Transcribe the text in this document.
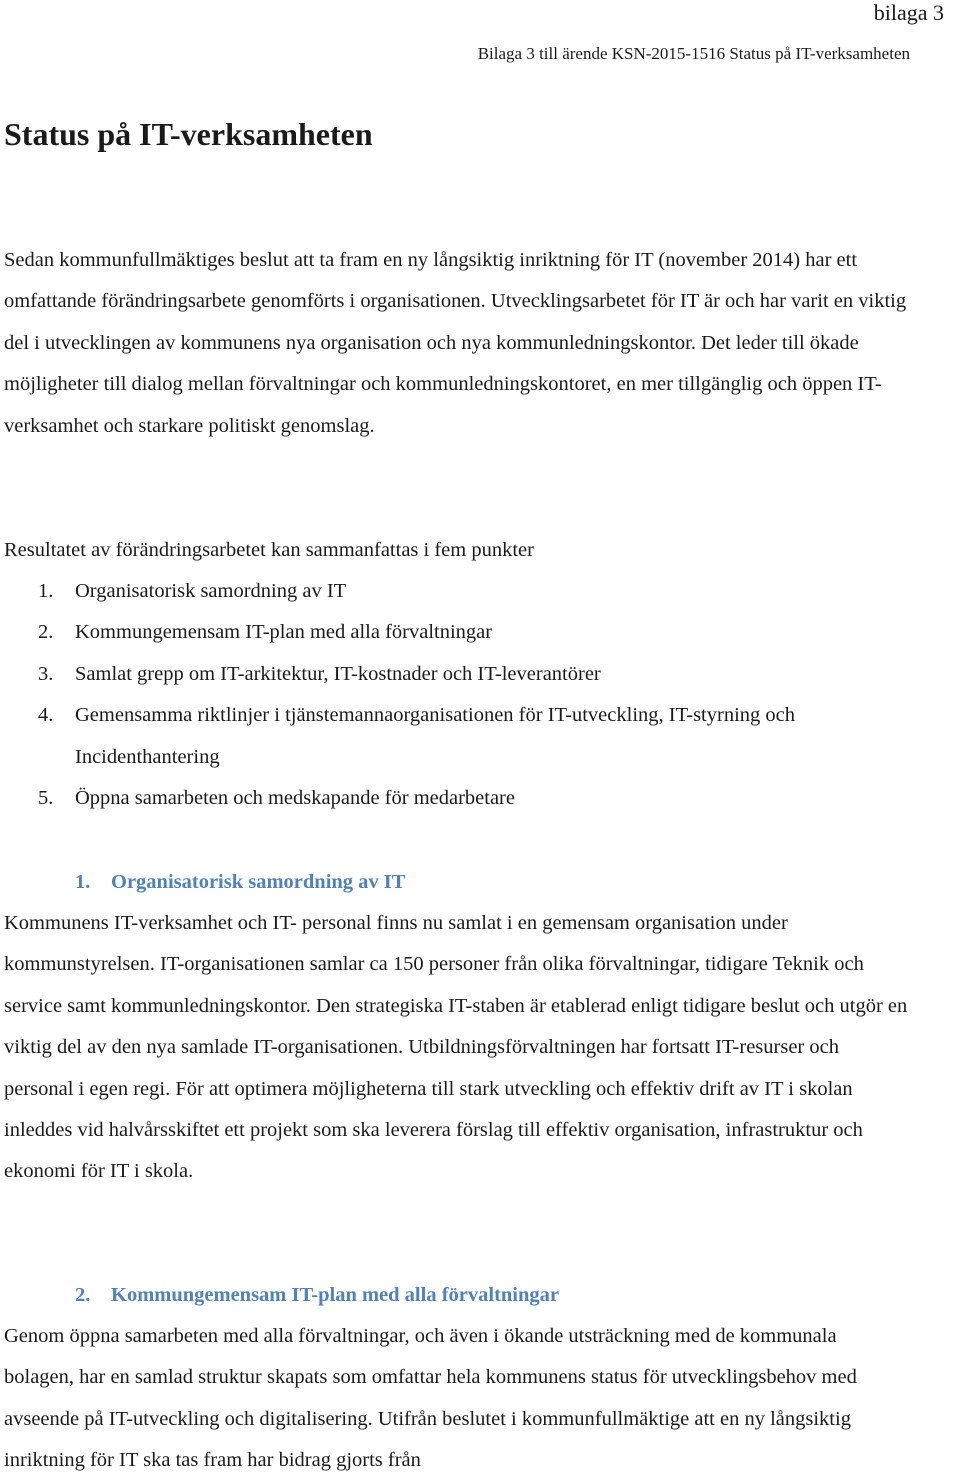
bilaga 3
Bilaga 3 till ärende KSN-2015-1516 Status på IT-verksamheten
Status på IT-verksamheten

Sedan kommunfullmäktiges beslut att ta fram en ny långsiktig inriktning för IT (november 2014) har ett omfattande förändringsarbete genomförts i organisationen. Utvecklingsarbetet för IT är och har varit en viktig del i utvecklingen av kommunens nya organisation och nya kommunledningskontor. Det leder till ökade möjligheter till dialog mellan förvaltningar och kommunledningskontoret, en mer tillgänglig och öppen IT-verksamhet och starkare politiskt genomslag.

Resultatet av förändringsarbetet kan sammanfattas i fem punkter

1. Organisatorisk samordning av IT
2. Kommungemensam IT-plan med alla förvaltningar
3. Samlat grepp om IT-arkitektur, IT-kostnader och IT-leverantörer
4. Gemensamma riktlinjer i tjänstemannaorganisationen för IT-utveckling, IT-styrning och Incidenthantering
5. Öppna samarbeten och medskapande för medarbetare
1. Organisatorisk samordning av IT

Kommunens IT-verksamhet och IT- personal finns nu samlat i en gemensam organisation under kommunstyrelsen. IT-organisationen samlar ca 150 personer från olika förvaltningar, tidigare Teknik och service samt kommunledningskontor. Den strategiska IT-staben är etablerad enligt tidigare beslut och utgör en viktig del av den nya samlade IT-organisationen. Utbildningsförvaltningen har fortsatt IT-resurser och personal i egen regi. För att optimera möjligheterna till stark utveckling och effektiv drift av IT i skolan inleddes vid halvårsskiftet ett projekt som ska leverera förslag till effektiv organisation, infrastruktur och ekonomi för IT i skola.

2. Kommungemensam IT-plan med alla förvaltningar

Genom öppna samarbeten med alla förvaltningar, och även i ökande utsträckning med de kommunala bolagen, har en samlad struktur skapats som omfattar hela kommunens status för utvecklingsbehov med avseende på IT-utveckling och digitalisering. Utifrån beslutet i kommunfullmäktige att en ny långsiktig inriktning för IT ska tas fram har bidrag gjorts från
